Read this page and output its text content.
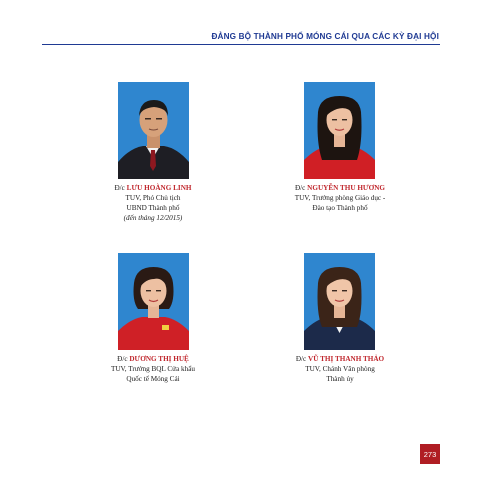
ĐẢNG BỘ THÀNH PHỐ MÓNG CÁI QUA CÁC KỲ ĐẠI HỘI
Đ/c LƯU HOÀNG LINH
TUV, Phó Chủ tịch
UBND Thành phố
(đến tháng 12/2015)
Đ/c NGUYỄN THU HƯƠNG
TUV, Trưởng phòng Giáo dục -
Đào tạo Thành phố
Đ/c DƯƠNG THỊ HUỆ
TUV, Trưởng BQL Cửa khẩu
Quốc tế Móng Cái
Đ/c VŨ THỊ THANH THẢO
TUV, Chánh Văn phòng
Thành ủy
273
